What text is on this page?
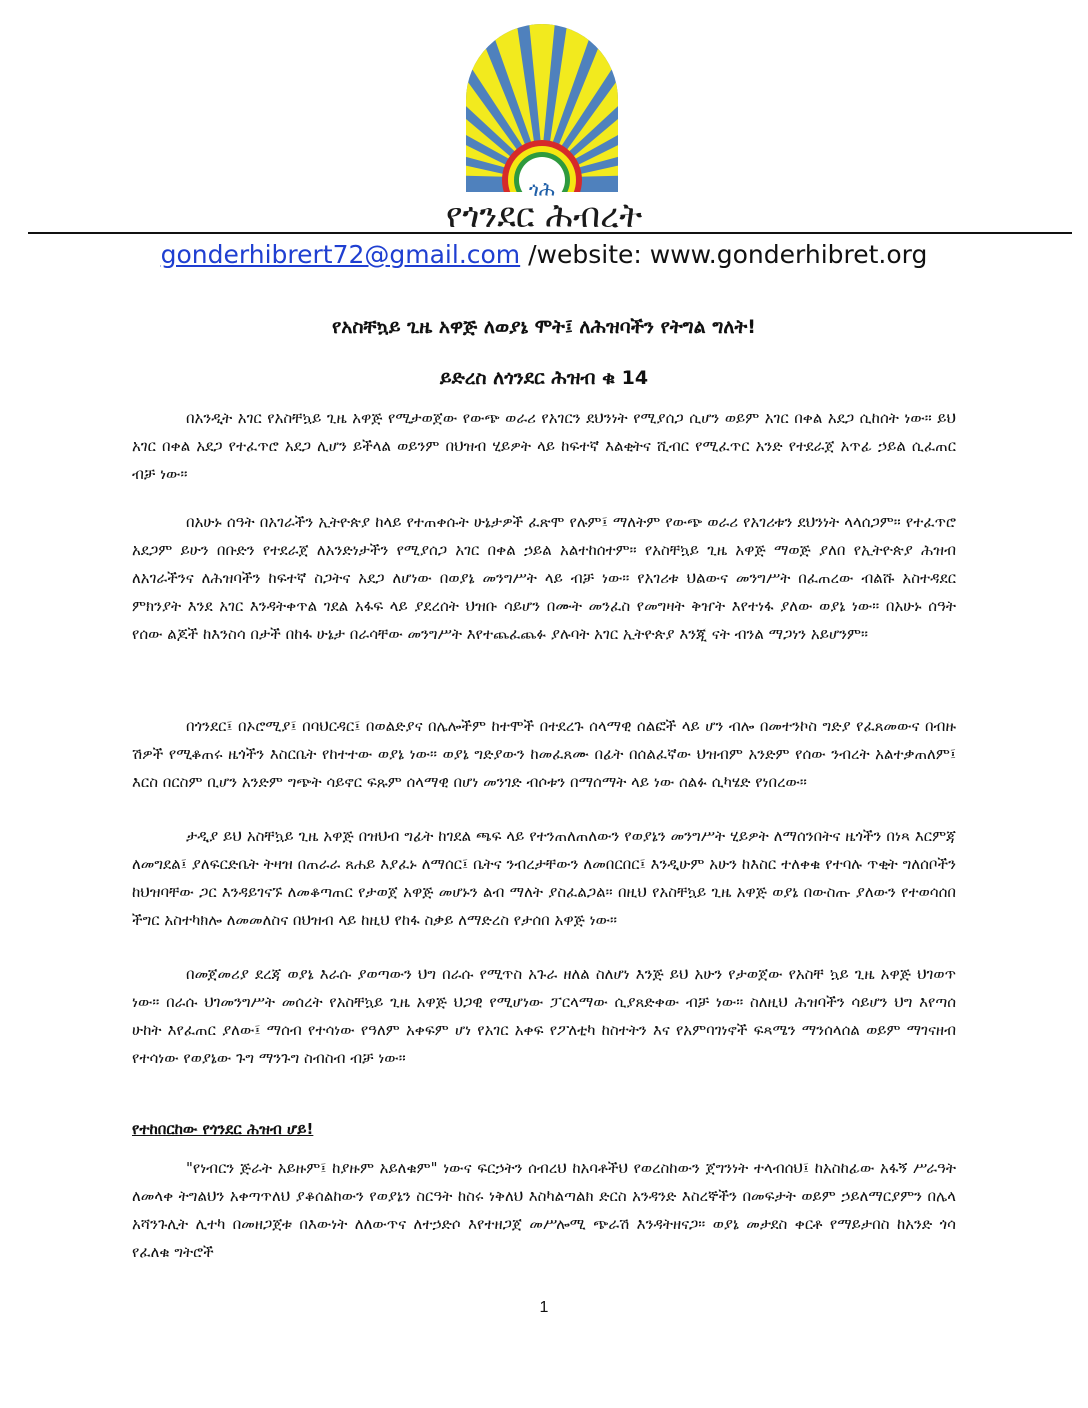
ጎሕ
የጎንደር ሕብረት
gonderhibrert72@gmail.com /website: www.gonderhibret.org
የአስቸኳይ ጊዜ አዋጅ ለወያኔ ሞት፤ ለሕዝባችን የትግል ግለት!
ይድረስ ለጎንደር ሕዝብ ቁ 14

በአንዲት አገር የአስቸኳይ ጊዜ አዋጅ የሚታወጀው የውጭ ወራሪ የአገርን ደህንነት የሚያሰጋ ሲሆን ወይም አገር በቀል አደጋ ሲከሰት ነው። ይህ አገር በቀል አደጋ የተፈጥሮ አደጋ ሊሆን ይችላል ወይንም በህዝብ ሂይዎት ላይ ከፍተኛ እልቂትና ሺብር የሚፈጥር አንድ የተደራጀ አጥፊ ኃይል ሲፈጠር ብቻ ነው።

በአሁኑ ሰዓት በአገራችን ኢትዮጵያ ከላይ የተጠቀሱት ሁኔታዎች ፈጽሞ የሉም፤ ማለትም የውጭ ወራሪ የአገሪቱን ደህንነት ላላሰጋም። የተፈጥሮ አደጋም ይሁን በቡድን የተደራጀ ለአንድነታችን የሚያሰጋ አገር በቀል ኃይል አልተከሰተም። የአስቸኳይ ጊዜ አዋጅ ማወጅ ያለበ የኢትዮጵያ ሕዝብ ለአገራችንና ለሕዝባችን ከፍተኛ ስጋትና አደጋ ለሆነው በወያኔ መንግሥት ላይ ብቻ ነው። የአገሪቱ ህልውና መንግሥት በፈጠረው ብልሹ አስተዳደር ምክንያት እንደ አገር እንዳትቀጥል ገደል አፋፍ ላይ ያደረሰት ህዝቡ ሳይሆን በሙት መንፈስ የመግዛት ቅዠት እየተነፋ ያለው ወያኔ ነው። በአሁኑ ሰዓት የሰው ልጆች ከእንስሳ በታች በከፋ ሁኔታ በራሳቸው መንግሥት እየተጨፈጨፉ ያሉባት አገር ኢትዮጵያ እንጂ ናት ብንል ማጋነን አይሆንም።

በጎንደር፤ በኦሮሚያ፤ በባህርዳር፤ በወልድያና በሌሎችም ከተሞች በተደረጉ ሰላማዊ ሰልፎች ላይ ሆን ብሎ በመተንኮስ ግድያ የፈጸመውና በብዙ ሽዎች የሚቆጠሩ ዜጎችን እስርቤት የከተተው ወያኔ ነው። ወያኔ ግድያውን ከመፈጸሙ በፊት በሰልፈኛው ህዝብም አንድም የሰው ንብረት አልተቃጠለም፤ እርስ በርስም ቢሆን አንድም ግጭት ሳይኖር ፍጹም ሰላማዊ በሆነ መንገድ ብሶቱን በማሰማት ላይ ነው ሰልፉ ሲካሄድ የነበረው።

ታዲያ ይህ አስቸኳይ ጊዜ አዋጅ በዝህብ ግፊት ከገደል ጫፍ ላይ የተንጠለጠለውን የወያኔን መንግሥት ሂይዎት ለማሰንበትና ዜጎችን በነጻ እርምጃ ለመግደል፤ ያለፍርድቤት ትዛዝ በጠራራ ጸሐይ እያፈኑ ለማሰር፤ ቤትና ንብረታቸውን ለመበርበር፤ እንዲሁም አሁን ከእስር ተለቀቁ የተባሉ ጥቂት ግለሰቦችን ከህዝባቸው ጋር እንዳይገናኙ ለመቆጣጠር የታወጀ አዋጅ መሆኑን ልብ ማለት ያስፈልጋል። በዚህ የአስቸኳይ ጊዜ አዋጅ ወያኔ በውስጡ ያለውን የተወሳሰበ ችግር አስተካክሎ ለመመለስና በህዝብ ላይ ከዚህ የከፋ ስቃይ ለማድረስ የታሰበ አዋጅ ነው።

በመጀመሪያ ደረጃ ወያኔ እራሱ ያወጣውን ህግ በራሱ የሚጥስ አጉራ ዘለል ስለሆነ እንጅ ይህ አሁን የታወጀው የአስቸ ኳይ ጊዜ አዋጅ ህገወጥ ነው። በራሱ ህገመንግሥት መሰረት የአስቸኳይ ጊዜ አዋጅ ህጋዊ የሚሆነው ፓርላማው ሲያጸድቀው ብቻ ነው። ስለዚህ ሕዝባችን ሳይሆን ህግ እየጣሰ ሁከት እየፈጠር ያለው፤ ማሰብ የተሳነው የዓለም አቀፍም ሆነ የአገር አቀፍ የፖለቲካ ከስተትን እና የአምባገነኖች ፍጻሜን ማንሰላሰል ወይም ማገናዘብ የተሳነው የወያኔው ጉግ ማንጉግ ስብስብ ብቻ ነው።

የተከበርከው የጎንደር ሕዝብ ሆይ!

"የነብርን ጅራት አይዙም፤ ከያዙም አይለቁም" ነውና ፍርኃትን ሰብረህ ከአባቶችህ የወረስከውን ጀግንነት ተላብሰህ፤ ከአስከፊው አፋኝ ሥራዓት ለመላቀ ትግልህን አቀጣጥለህ ያቆሰልከውን የወያኔን ስርዓት ከስሩ ነቅለህ እስካልጣልክ ድርስ አንዳንድ እስረኞችን በመፍታት ወይም ኃይለማርያምን በሌላ አሻንጉሊት ሊተካ በመዘጋጀቱ በእውነት ለለውጥና ለተኃድሶ እየተዘጋጀ መሥሎሚ ጭራሽ እንዳትዘናጋ። ወያኔ መታደስ ቀርቶ የማይታበስ ከአንድ ጎሳ የፈለቁ ግትሮች

1
